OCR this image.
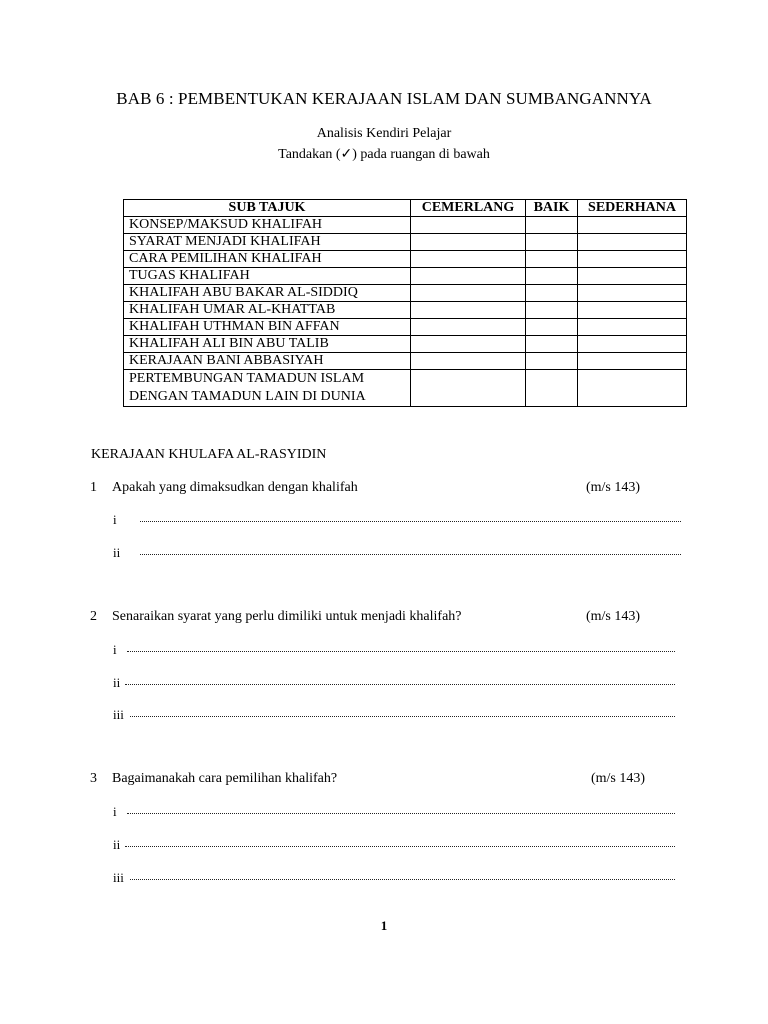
BAB 6 : PEMBENTUKAN KERAJAAN ISLAM DAN SUMBANGANNYA
Analisis Kendiri Pelajar
Tandakan (✓) pada ruangan di bawah
SUB TAJUK	CEMERLANG	BAIK	SEDERHANA
KONSEP/MAKSUD KHALIFAH			
SYARAT MENJADI KHALIFAH			
CARA PEMILIHAN KHALIFAH			
TUGAS KHALIFAH			
KHALIFAH ABU BAKAR AL-SIDDIQ			
KHALIFAH UMAR AL-KHATTAB			
KHALIFAH UTHMAN BIN AFFAN			
KHALIFAH ALI BIN ABU TALIB			
KERAJAAN BANI ABBASIYAH			
PERTEMBUNGAN TAMADUN ISLAM DENGAN TAMADUN LAIN DI DUNIA			
KERAJAAN KHULAFA AL-RASYIDIN
1 Apakah yang dimaksudkan dengan khalifah	(m/s 143)
i
ii
2 Senaraikan syarat yang perlu dimiliki untuk menjadi khalifah?	(m/s 143)
i
ii
iii
3 Bagaimanakah cara pemilihan khalifah?	(m/s 143)
i
ii
iii
1
